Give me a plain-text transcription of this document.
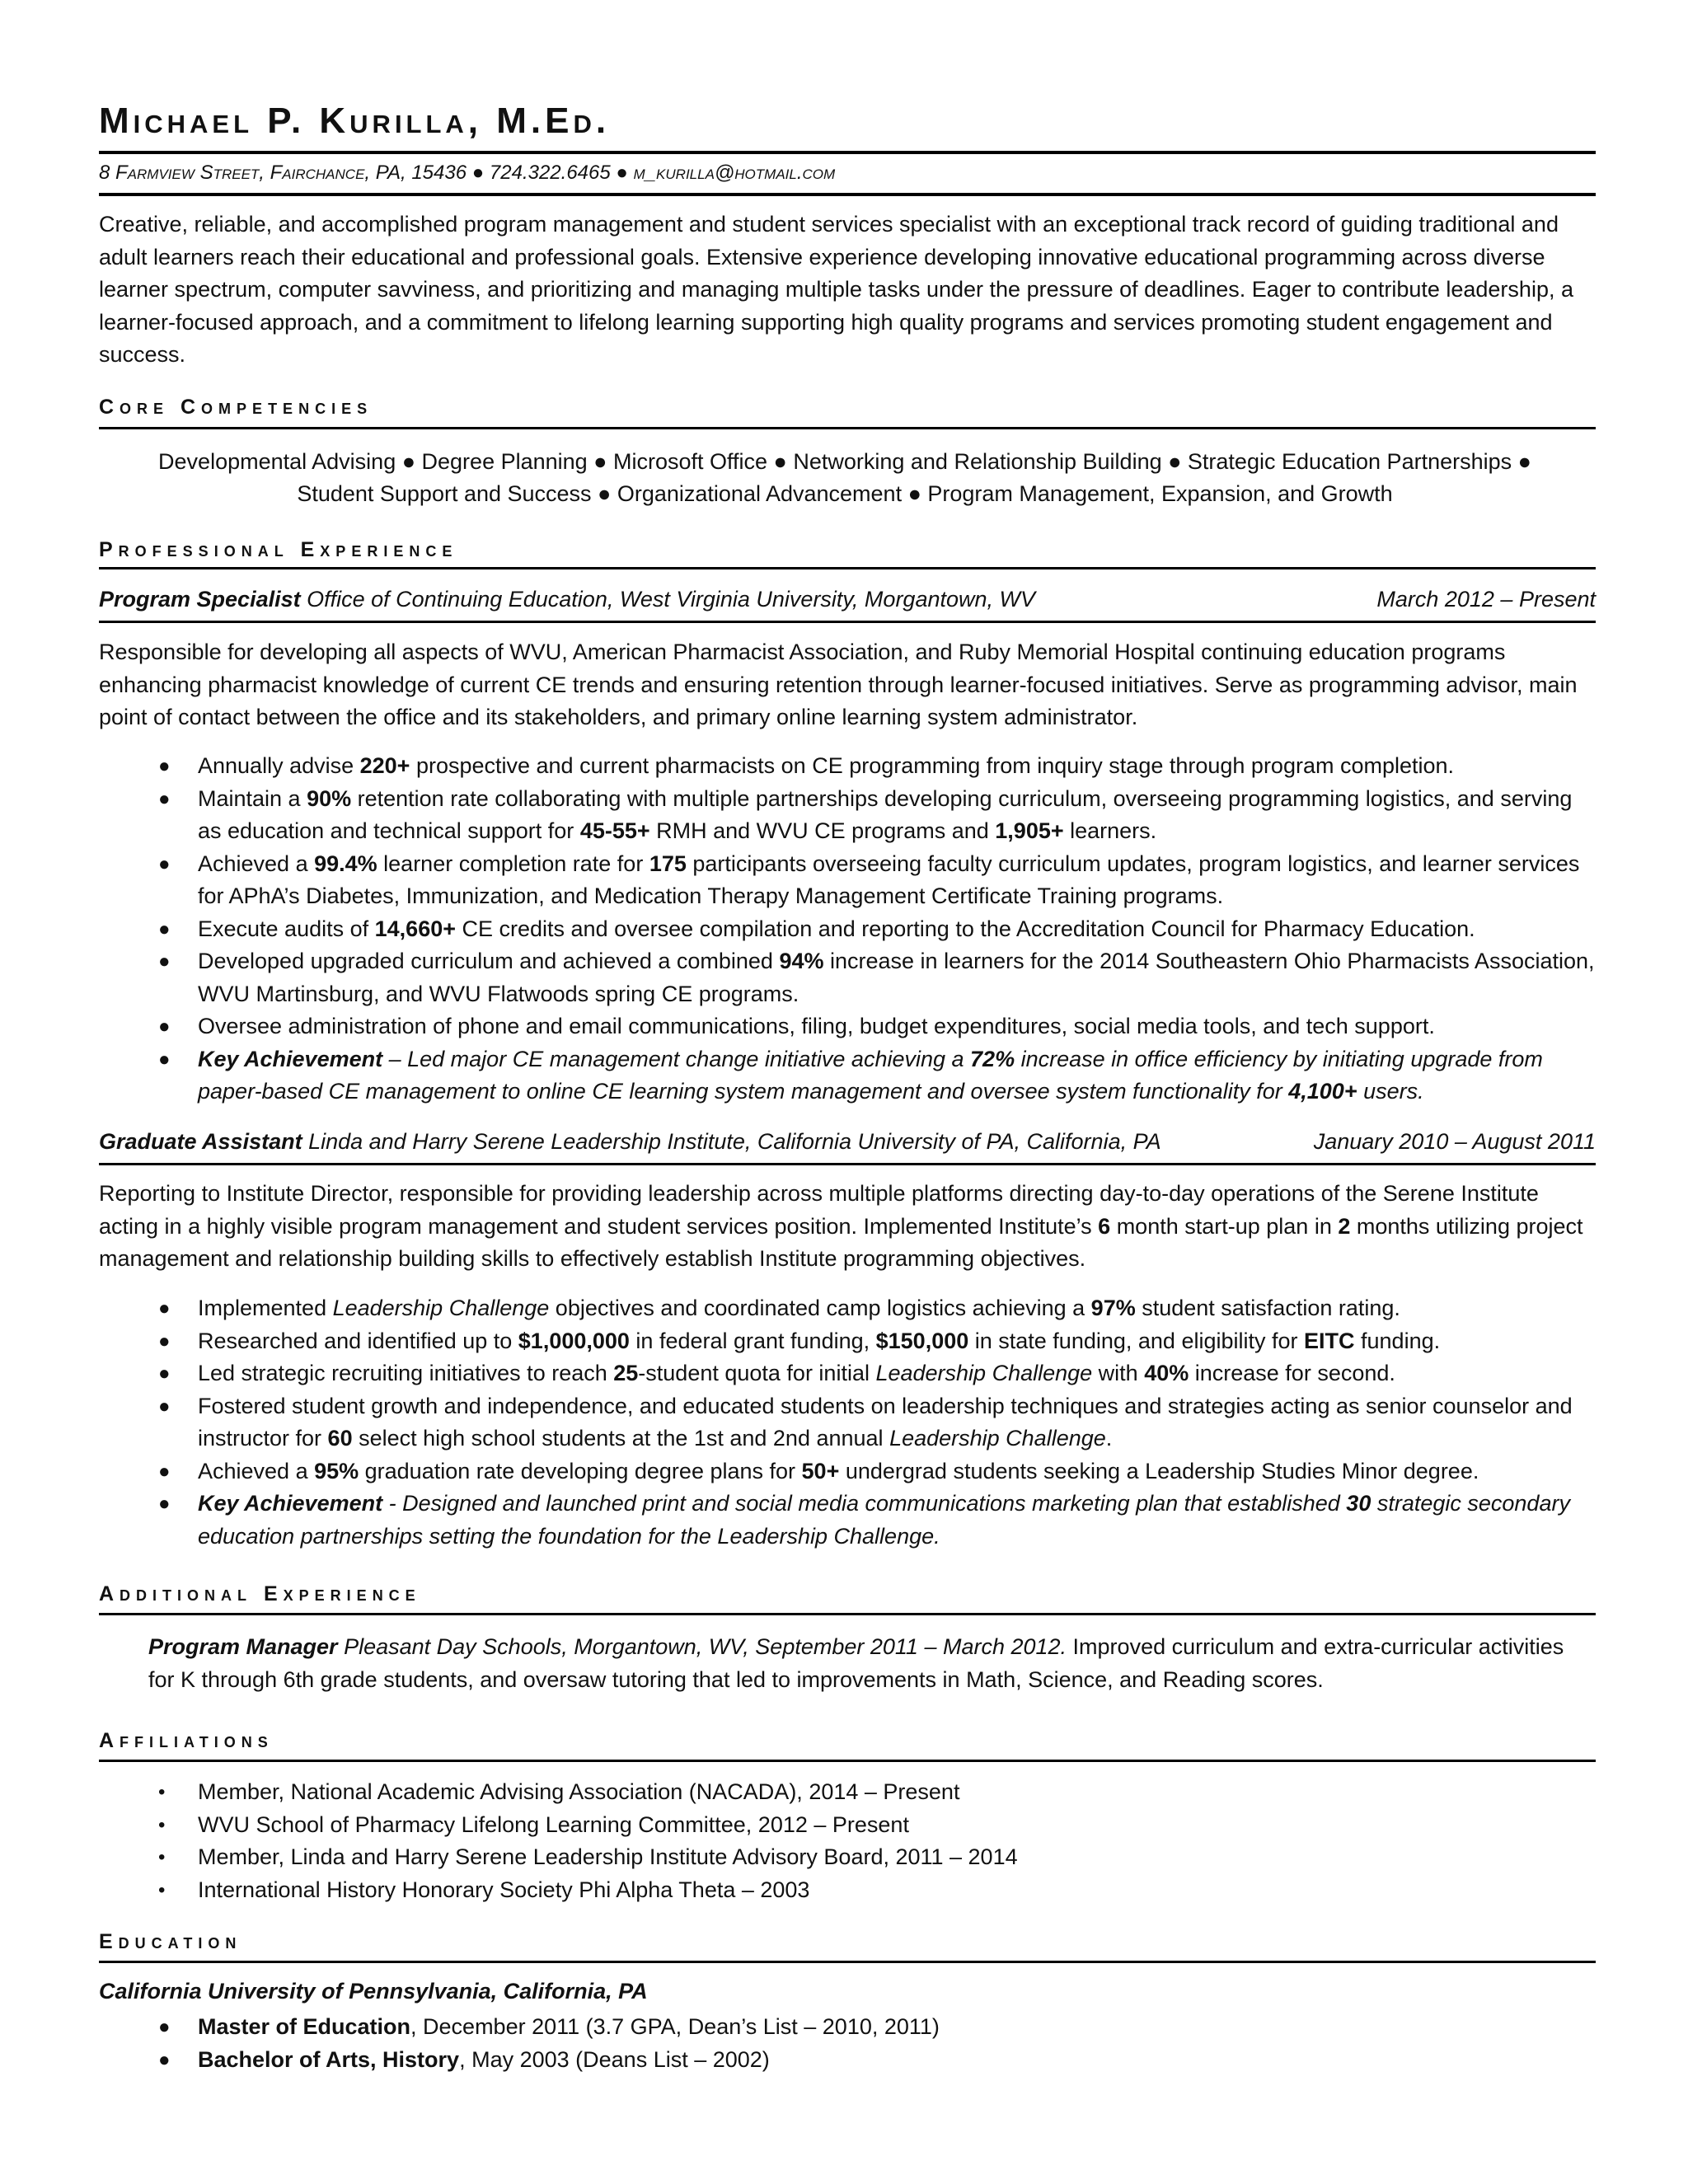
Michael P. Kurilla, M.Ed.
8 Farmview Street, Fairchance, PA, 15436 ● 724.322.6465 ● m_kurilla@hotmail.com
Creative, reliable, and accomplished program management and student services specialist with an exceptional track record of guiding traditional and adult learners reach their educational and professional goals. Extensive experience developing innovative educational programming across diverse learner spectrum, computer savviness, and prioritizing and managing multiple tasks under the pressure of deadlines. Eager to contribute leadership, a learner-focused approach, and a commitment to lifelong learning supporting high quality programs and services promoting student engagement and success.
Core Competencies
Developmental Advising ● Degree Planning ● Microsoft Office ● Networking and Relationship Building ● Strategic Education Partnerships ●
Student Support and Success ● Organizational Advancement ● Program Management, Expansion, and Growth
Professional Experience
Program Specialist Office of Continuing Education, West Virginia University, Morgantown, WV	March 2012 – Present
Responsible for developing all aspects of WVU, American Pharmacist Association, and Ruby Memorial Hospital continuing education programs enhancing pharmacist knowledge of current CE trends and ensuring retention through learner-focused initiatives. Serve as programming advisor, main point of contact between the office and its stakeholders, and primary online learning system administrator.
● Annually advise 220+ prospective and current pharmacists on CE programming from inquiry stage through program completion.
● Maintain a 90% retention rate collaborating with multiple partnerships developing curriculum, overseeing programming logistics, and serving as education and technical support for 45-55+ RMH and WVU CE programs and 1,905+ learners.
● Achieved a 99.4% learner completion rate for 175 participants overseeing faculty curriculum updates, program logistics, and learner services for APhA’s Diabetes, Immunization, and Medication Therapy Management Certificate Training programs.
● Execute audits of 14,660+ CE credits and oversee compilation and reporting to the Accreditation Council for Pharmacy Education.
● Developed upgraded curriculum and achieved a combined 94% increase in learners for the 2014 Southeastern Ohio Pharmacists Association, WVU Martinsburg, and WVU Flatwoods spring CE programs.
● Oversee administration of phone and email communications, filing, budget expenditures, social media tools, and tech support.
● Key Achievement – Led major CE management change initiative achieving a 72% increase in office efficiency by initiating upgrade from paper-based CE management to online CE learning system management and oversee system functionality for 4,100+ users.
Graduate Assistant Linda and Harry Serene Leadership Institute, California University of PA, California, PA	January 2010 – August 2011
Reporting to Institute Director, responsible for providing leadership across multiple platforms directing day-to-day operations of the Serene Institute acting in a highly visible program management and student services position. Implemented Institute’s 6 month start-up plan in 2 months utilizing project management and relationship building skills to effectively establish Institute programming objectives.
● Implemented Leadership Challenge objectives and coordinated camp logistics achieving a 97% student satisfaction rating.
● Researched and identified up to $1,000,000 in federal grant funding, $150,000 in state funding, and eligibility for EITC funding.
● Led strategic recruiting initiatives to reach 25-student quota for initial Leadership Challenge with 40% increase for second.
● Fostered student growth and independence, and educated students on leadership techniques and strategies acting as senior counselor and instructor for 60 select high school students at the 1st and 2nd annual Leadership Challenge.
● Achieved a 95% graduation rate developing degree plans for 50+ undergrad students seeking a Leadership Studies Minor degree.
● Key Achievement - Designed and launched print and social media communications marketing plan that established 30 strategic secondary education partnerships setting the foundation for the Leadership Challenge.
Additional Experience
Program Manager Pleasant Day Schools, Morgantown, WV, September 2011 – March 2012. Improved curriculum and extra-curricular activities for K through 6th grade students, and oversaw tutoring that led to improvements in Math, Science, and Reading scores.
Affiliations
• Member, National Academic Advising Association (NACADA), 2014 – Present
• WVU School of Pharmacy Lifelong Learning Committee, 2012 – Present
• Member, Linda and Harry Serene Leadership Institute Advisory Board, 2011 – 2014
• International History Honorary Society Phi Alpha Theta – 2003
Education
California University of Pennsylvania, California, PA
● Master of Education, December 2011 (3.7 GPA, Dean’s List – 2010, 2011)
● Bachelor of Arts, History, May 2003 (Deans List – 2002)
